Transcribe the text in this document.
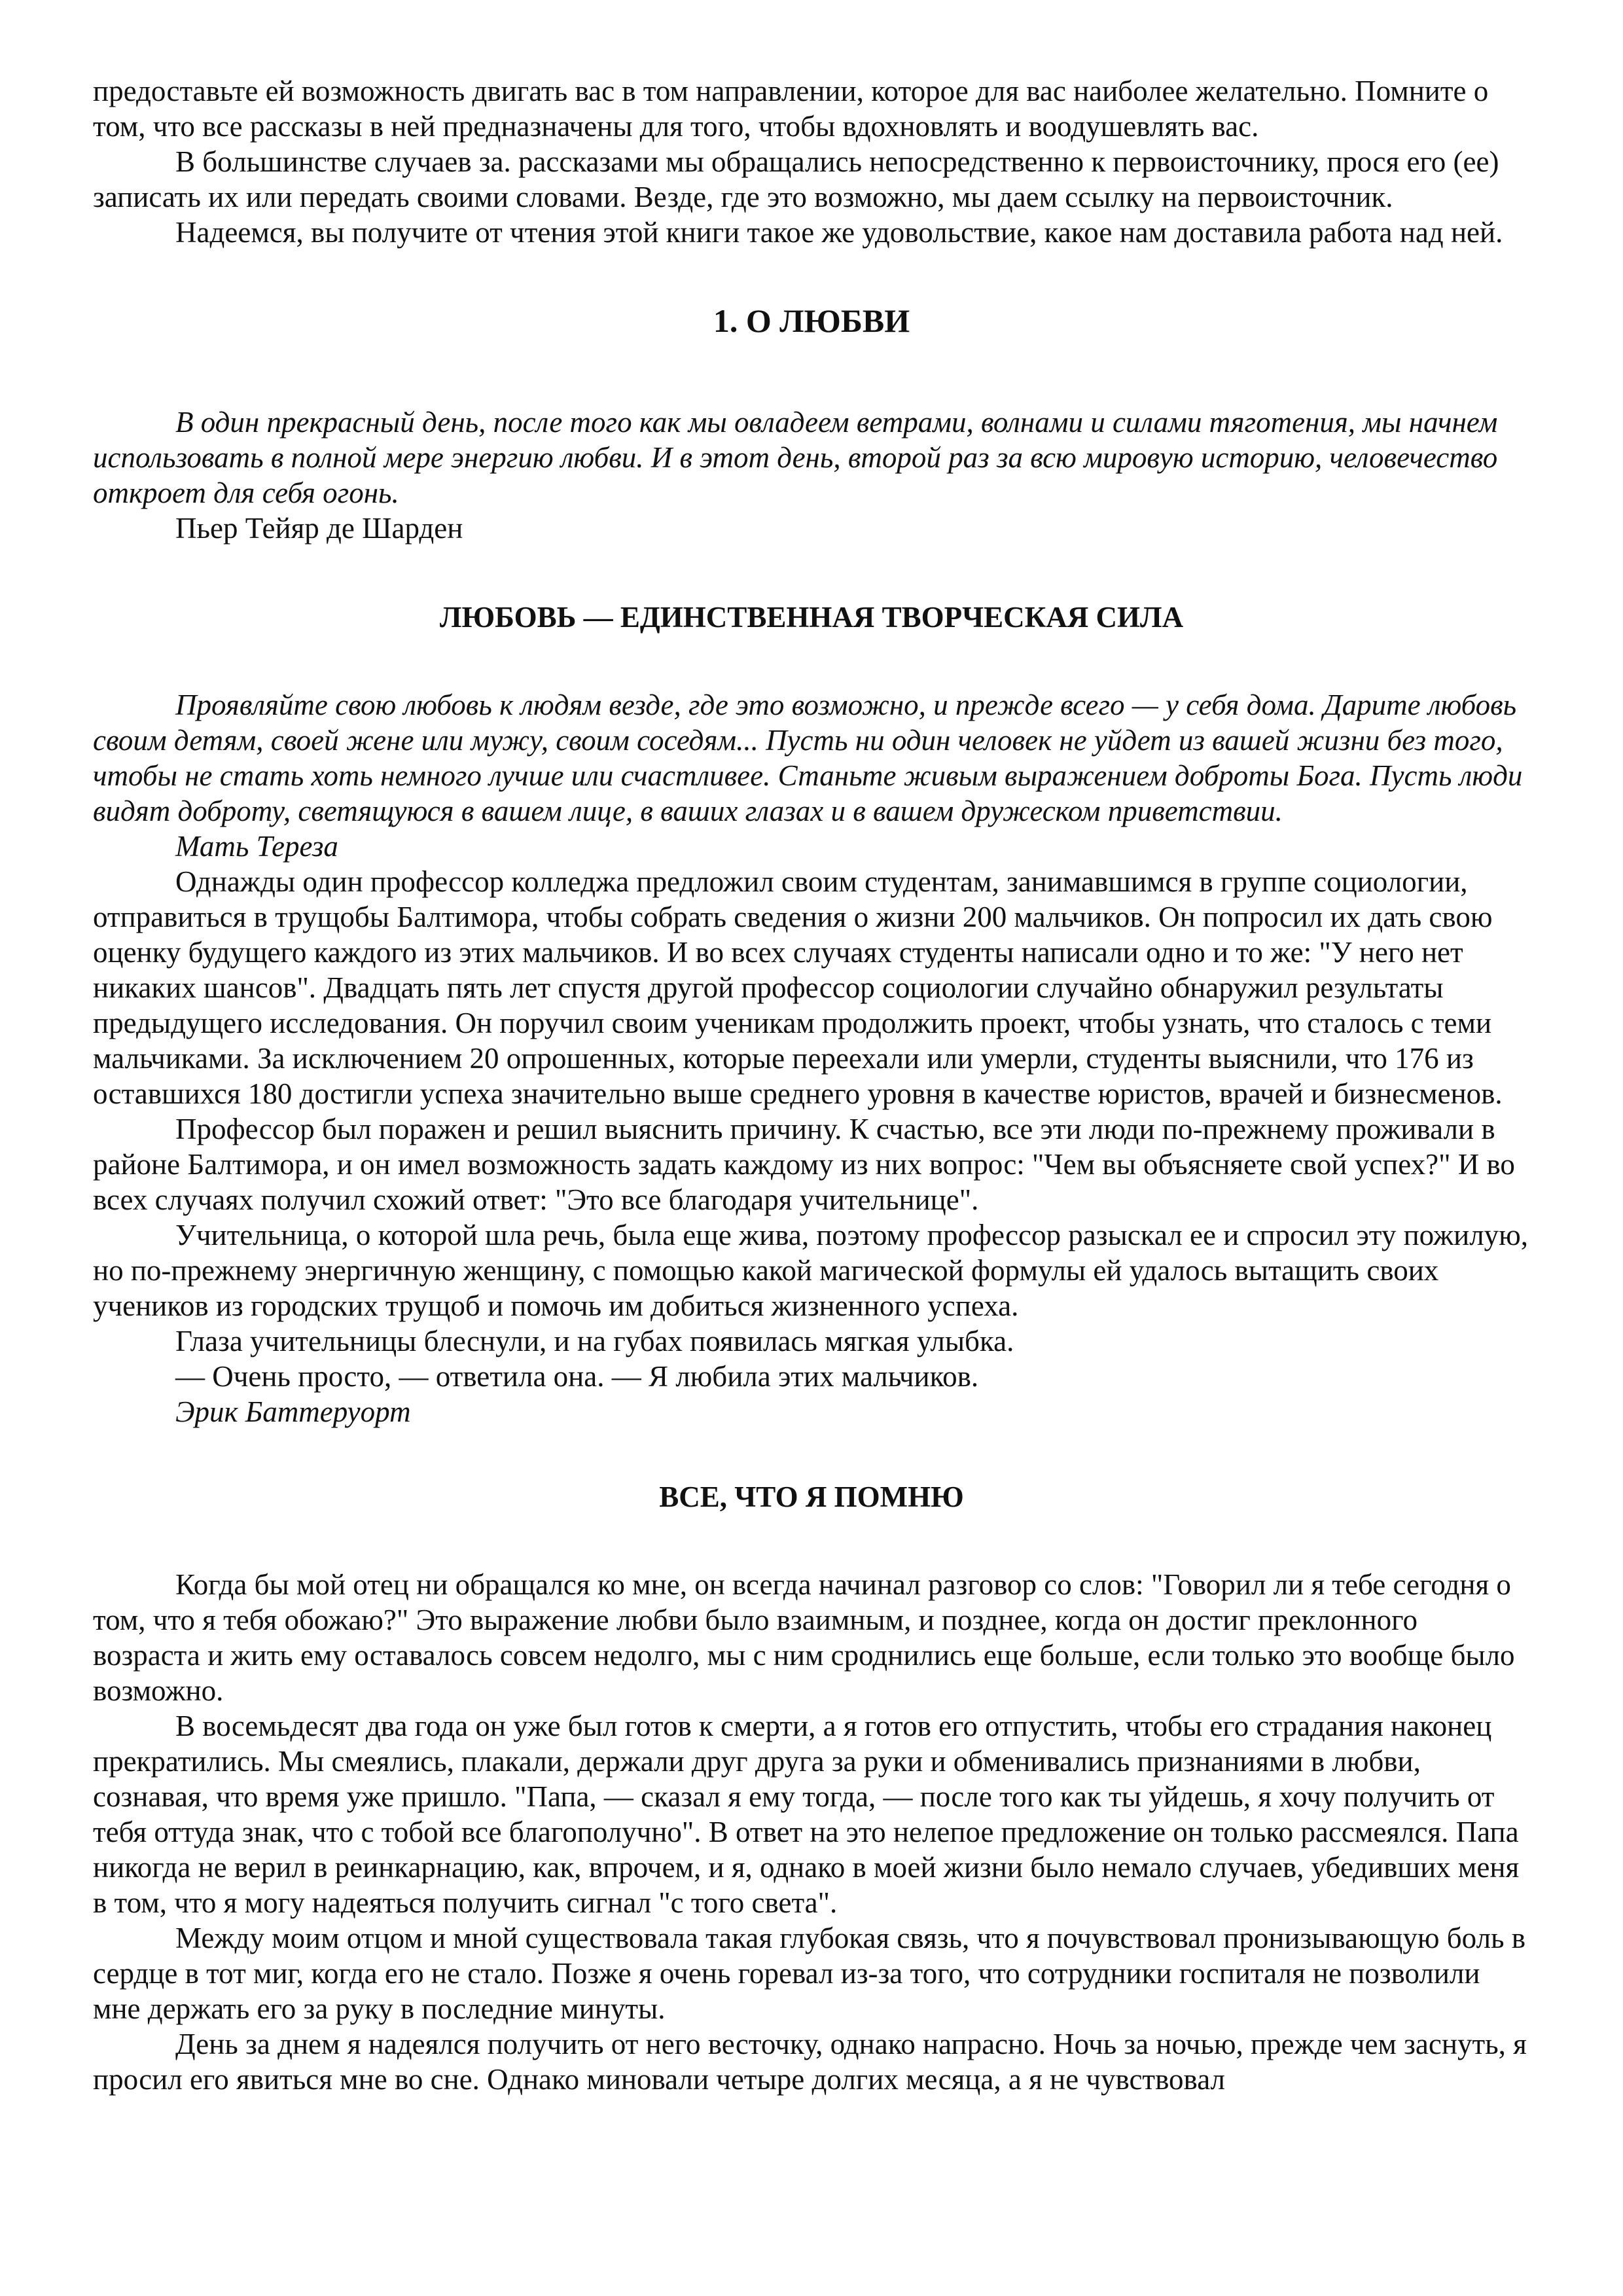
предоставьте ей возможность двигать вас в том направлении, которое для вас наиболее желательно. Помните о том, что все рассказы в ней предназначены для того, чтобы вдохновлять и воодушевлять вас.

В большинстве случаев за. рассказами мы обращались непосредственно к первоисточнику, прося его (ее) записать их или передать своими словами. Везде, где это возможно, мы даем ссылку на первоисточник.

Надеемся, вы получите от чтения этой книги такое же удовольствие, какое нам доставила работа над ней.

1. О ЛЮБВИ

В один прекрасный день, после того как мы овладеем ветрами, волнами и силами тяготения, мы начнем использовать в полной мере энергию любви. И в этот день, второй раз за всю мировую историю, человечество откроет для себя огонь.

Пьер Тейяр де Шарден

ЛЮБОВЬ — ЕДИНСТВЕННАЯ ТВОРЧЕСКАЯ СИЛА

Проявляйте свою любовь к людям везде, где это возможно, и прежде всего — у себя дома. Дарите любовь своим детям, своей жене или мужу, своим соседям... Пусть ни один человек не уйдет из вашей жизни без того, чтобы не стать хоть немного лучше или счастливее. Станьте живым выражением доброты Бога. Пусть люди видят доброту, светящуюся в вашем лице, в ваших глазах и в вашем дружеском приветствии.

Мать Тереза

Однажды один профессор колледжа предложил своим студентам, занимавшимся в группе социологии, отправиться в трущобы Балтимора, чтобы собрать сведения о жизни 200 мальчиков. Он попросил их дать свою оценку будущего каждого из этих мальчиков. И во всех случаях студенты написали одно и то же: "У него нет никаких шансов". Двадцать пять лет спустя другой профессор социологии случайно обнаружил результаты предыдущего исследования. Он поручил своим ученикам продолжить проект, чтобы узнать, что сталось с теми мальчиками. За исключением 20 опрошенных, которые переехали или умерли, студенты выяснили, что 176 из оставшихся 180 достигли успеха значительно выше среднего уровня в качестве юристов, врачей и бизнесменов.

Профессор был поражен и решил выяснить причину. К счастью, все эти люди по-прежнему проживали в районе Балтимора, и он имел возможность задать каждому из них вопрос: "Чем вы объясняете свой успех?" И во всех случаях получил схожий ответ: "Это все благодаря учительнице".

Учительница, о которой шла речь, была еще жива, поэтому профессор разыскал ее и спросил эту пожилую, но по-прежнему энергичную женщину, с помощью какой магической формулы ей удалось вытащить своих учеников из городских трущоб и помочь им добиться жизненного успеха.

Глаза учительницы блеснули, и на губах появилась мягкая улыбка.

— Очень просто, — ответила она. — Я любила этих мальчиков.

Эрик Баттеруорт

ВСЕ, ЧТО Я ПОМНЮ

Когда бы мой отец ни обращался ко мне, он всегда начинал разговор со слов: "Говорил ли я тебе сегодня о том, что я тебя обожаю?" Это выражение любви было взаимным, и позднее, когда он достиг преклонного возраста и жить ему оставалось совсем недолго, мы с ним сроднились еще больше, если только это вообще было возможно.

В восемьдесят два года он уже был готов к смерти, а я готов его отпустить, чтобы его страдания наконец прекратились. Мы смеялись, плакали, держали друг друга за руки и обменивались признаниями в любви, сознавая, что время уже пришло. "Папа, — сказал я ему тогда, — после того как ты уйдешь, я хочу получить от тебя оттуда знак, что с тобой все благополучно". В ответ на это нелепое предложение он только рассмеялся. Папа никогда не верил в реинкарнацию, как, впрочем, и я, однако в моей жизни было немало случаев, убедивших меня в том, что я могу надеяться получить сигнал "с того света".

Между моим отцом и мной существовала такая глубокая связь, что я почувствовал пронизывающую боль в сердце в тот миг, когда его не стало. Позже я очень горевал из-за того, что сотрудники госпиталя не позволили мне держать его за руку в последние минуты.

День за днем я надеялся получить от него весточку, однако напрасно. Ночь за ночью, прежде чем заснуть, я просил его явиться мне во сне. Однако миновали четыре долгих месяца, а я не чувствовал
